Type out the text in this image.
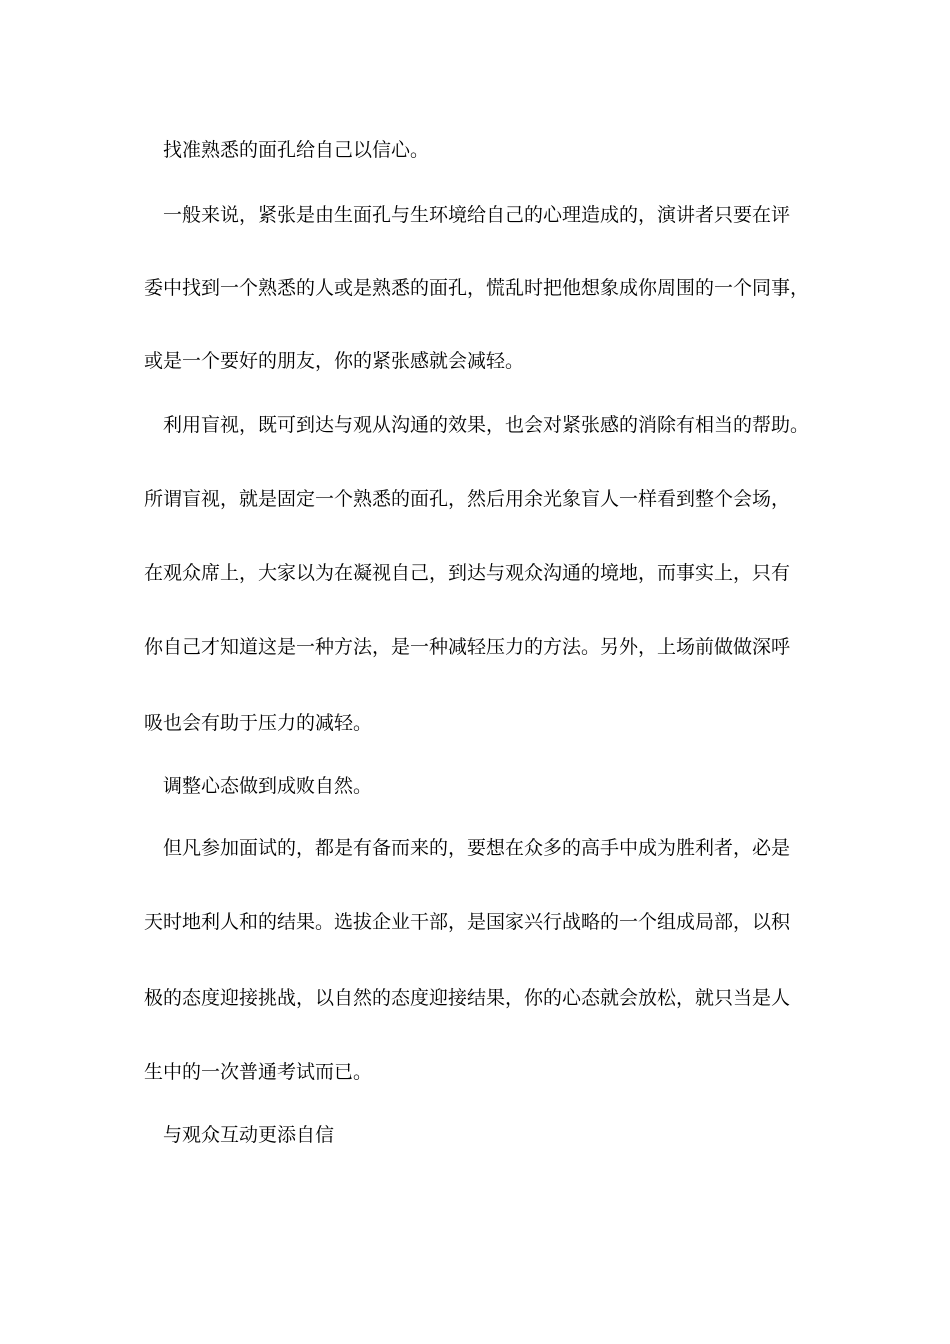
找准熟悉的面孔给自己以信心。
一般来说，紧张是由生面孔与生环境给自己的心理造成的，演讲者只要在评
委中找到一个熟悉的人或是熟悉的面孔，慌乱时把他想象成你周围的一个同事，
或是一个要好的朋友，你的紧张感就会减轻。
利用盲视，既可到达与观从沟通的效果，也会对紧张感的消除有相当的帮助。
所谓盲视，就是固定一个熟悉的面孔，然后用余光象盲人一样看到整个会场，
在观众席上，大家以为在凝视自己，到达与观众沟通的境地，而事实上，只有
你自己才知道这是一种方法，是一种减轻压力的方法。另外，上场前做做深呼
吸也会有助于压力的减轻。
调整心态做到成败自然。
但凡参加面试的，都是有备而来的，要想在众多的高手中成为胜利者，必是
天时地利人和的结果。选拔企业干部，是国家兴行战略的一个组成局部，以积
极的态度迎接挑战，以自然的态度迎接结果，你的心态就会放松，就只当是人
生中的一次普通考试而已。
与观众互动更添自信
